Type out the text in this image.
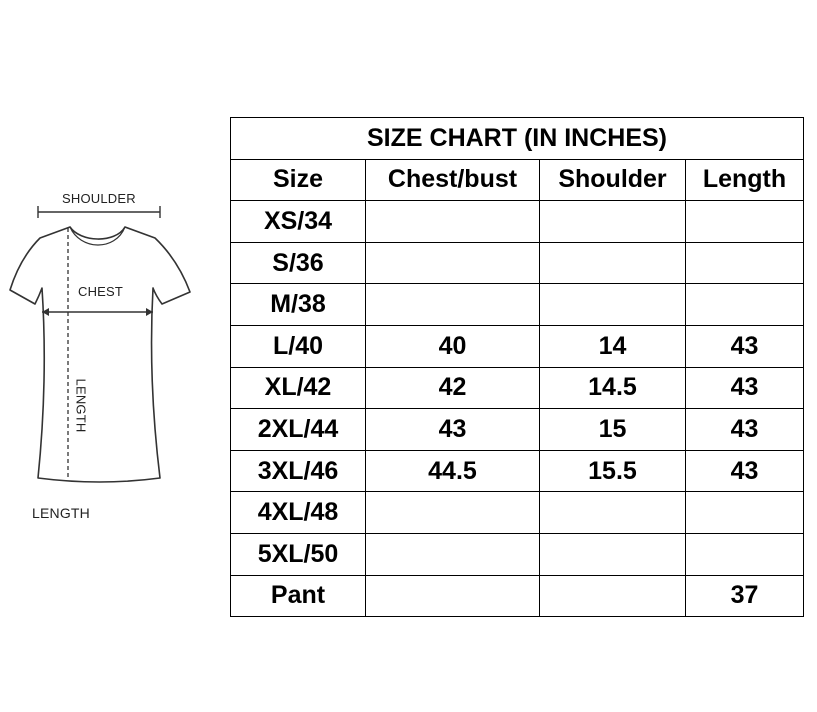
SHOULDER
CHEST
LENGTH
LENGTH
SIZE CHART (IN INCHES)			
Size	Chest/bust	Shoulder	Length
XS/34			
S/36			
M/38			
L/40	40	14	43
XL/42	42	14.5	43
2XL/44	43	15	43
3XL/46	44.5	15.5	43
4XL/48			
5XL/50			
Pant			37
